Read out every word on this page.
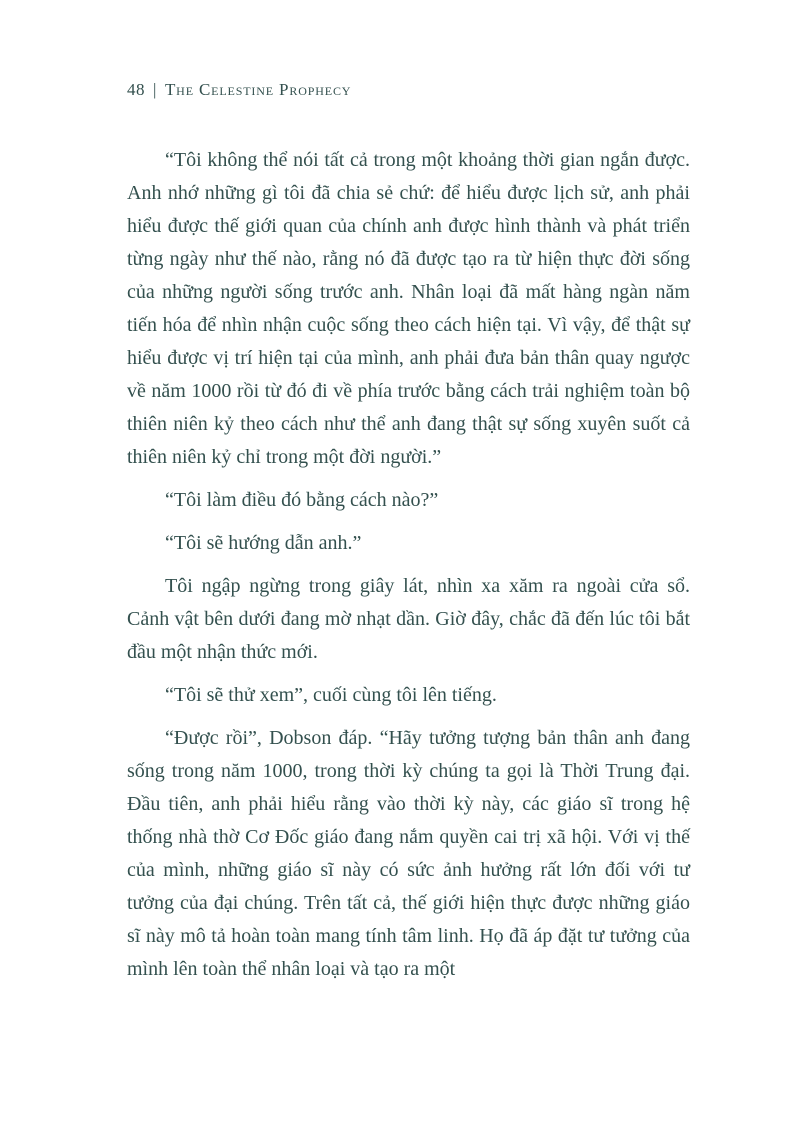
48 | The Celestine Prophecy

“Tôi không thể nói tất cả trong một khoảng thời gian ngắn được. Anh nhớ những gì tôi đã chia sẻ chứ: để hiểu được lịch sử, anh phải hiểu được thế giới quan của chính anh được hình thành và phát triển từng ngày như thế nào, rằng nó đã được tạo ra từ hiện thực đời sống của những người sống trước anh. Nhân loại đã mất hàng ngàn năm tiến hóa để nhìn nhận cuộc sống theo cách hiện tại. Vì vậy, để thật sự hiểu được vị trí hiện tại của mình, anh phải đưa bản thân quay ngược về năm 1000 rồi từ đó đi về phía trước bằng cách trải nghiệm toàn bộ thiên niên kỷ theo cách như thể anh đang thật sự sống xuyên suốt cả thiên niên kỷ chỉ trong một đời người.”

“Tôi làm điều đó bằng cách nào?”

“Tôi sẽ hướng dẫn anh.”

Tôi ngập ngừng trong giây lát, nhìn xa xăm ra ngoài cửa sổ. Cảnh vật bên dưới đang mờ nhạt dần. Giờ đây, chắc đã đến lúc tôi bắt đầu một nhận thức mới.

“Tôi sẽ thử xem”, cuối cùng tôi lên tiếng.

“Được rồi”, Dobson đáp. “Hãy tưởng tượng bản thân anh đang sống trong năm 1000, trong thời kỳ chúng ta gọi là Thời Trung đại. Đầu tiên, anh phải hiểu rằng vào thời kỳ này, các giáo sĩ trong hệ thống nhà thờ Cơ Đốc giáo đang nắm quyền cai trị xã hội. Với vị thế của mình, những giáo sĩ này có sức ảnh hưởng rất lớn đối với tư tưởng của đại chúng. Trên tất cả, thế giới hiện thực được những giáo sĩ này mô tả hoàn toàn mang tính tâm linh. Họ đã áp đặt tư tưởng của mình lên toàn thể nhân loại và tạo ra một
